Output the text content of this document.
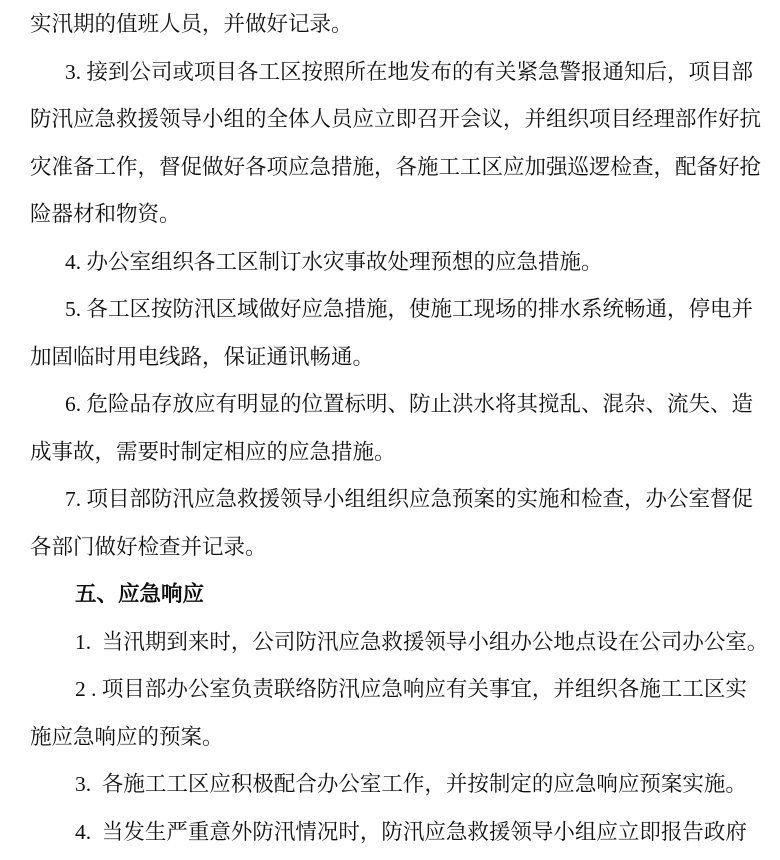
实汛期的值班人员，并做好记录。
3. 接到公司或项目各工区按照所在地发布的有关紧急警报通知后，项目部
防汛应急救援领导小组的全体人员应立即召开会议，并组织项目经理部作好抗
灾准备工作，督促做好各项应急措施，各施工工区应加强巡逻检查，配备好抢
险器材和物资。
4. 办公室组织各工区制订水灾事故处理预想的应急措施。
5. 各工区按防汛区域做好应急措施，使施工现场的排水系统畅通，停电并
加固临时用电线路，保证通讯畅通。
6. 危险品存放应有明显的位置标明、防止洪水将其搅乱、混杂、流失、造
成事故，需要时制定相应的应急措施。
7. 项目部防汛应急救援领导小组组织应急预案的实施和检查，办公室督促
各部门做好检查并记录。
五、应急响应
1.  当汛期到来时，公司防汛应急救援领导小组办公地点设在公司办公室。
2 . 项目部办公室负责联络防汛应急响应有关事宜，并组织各施工工区实
施应急响应的预案。
3.  各施工工区应积极配合办公室工作，并按制定的应急响应预案实施。
4.  当发生严重意外防汛情况时，防汛应急救援领导小组应立即报告政府
